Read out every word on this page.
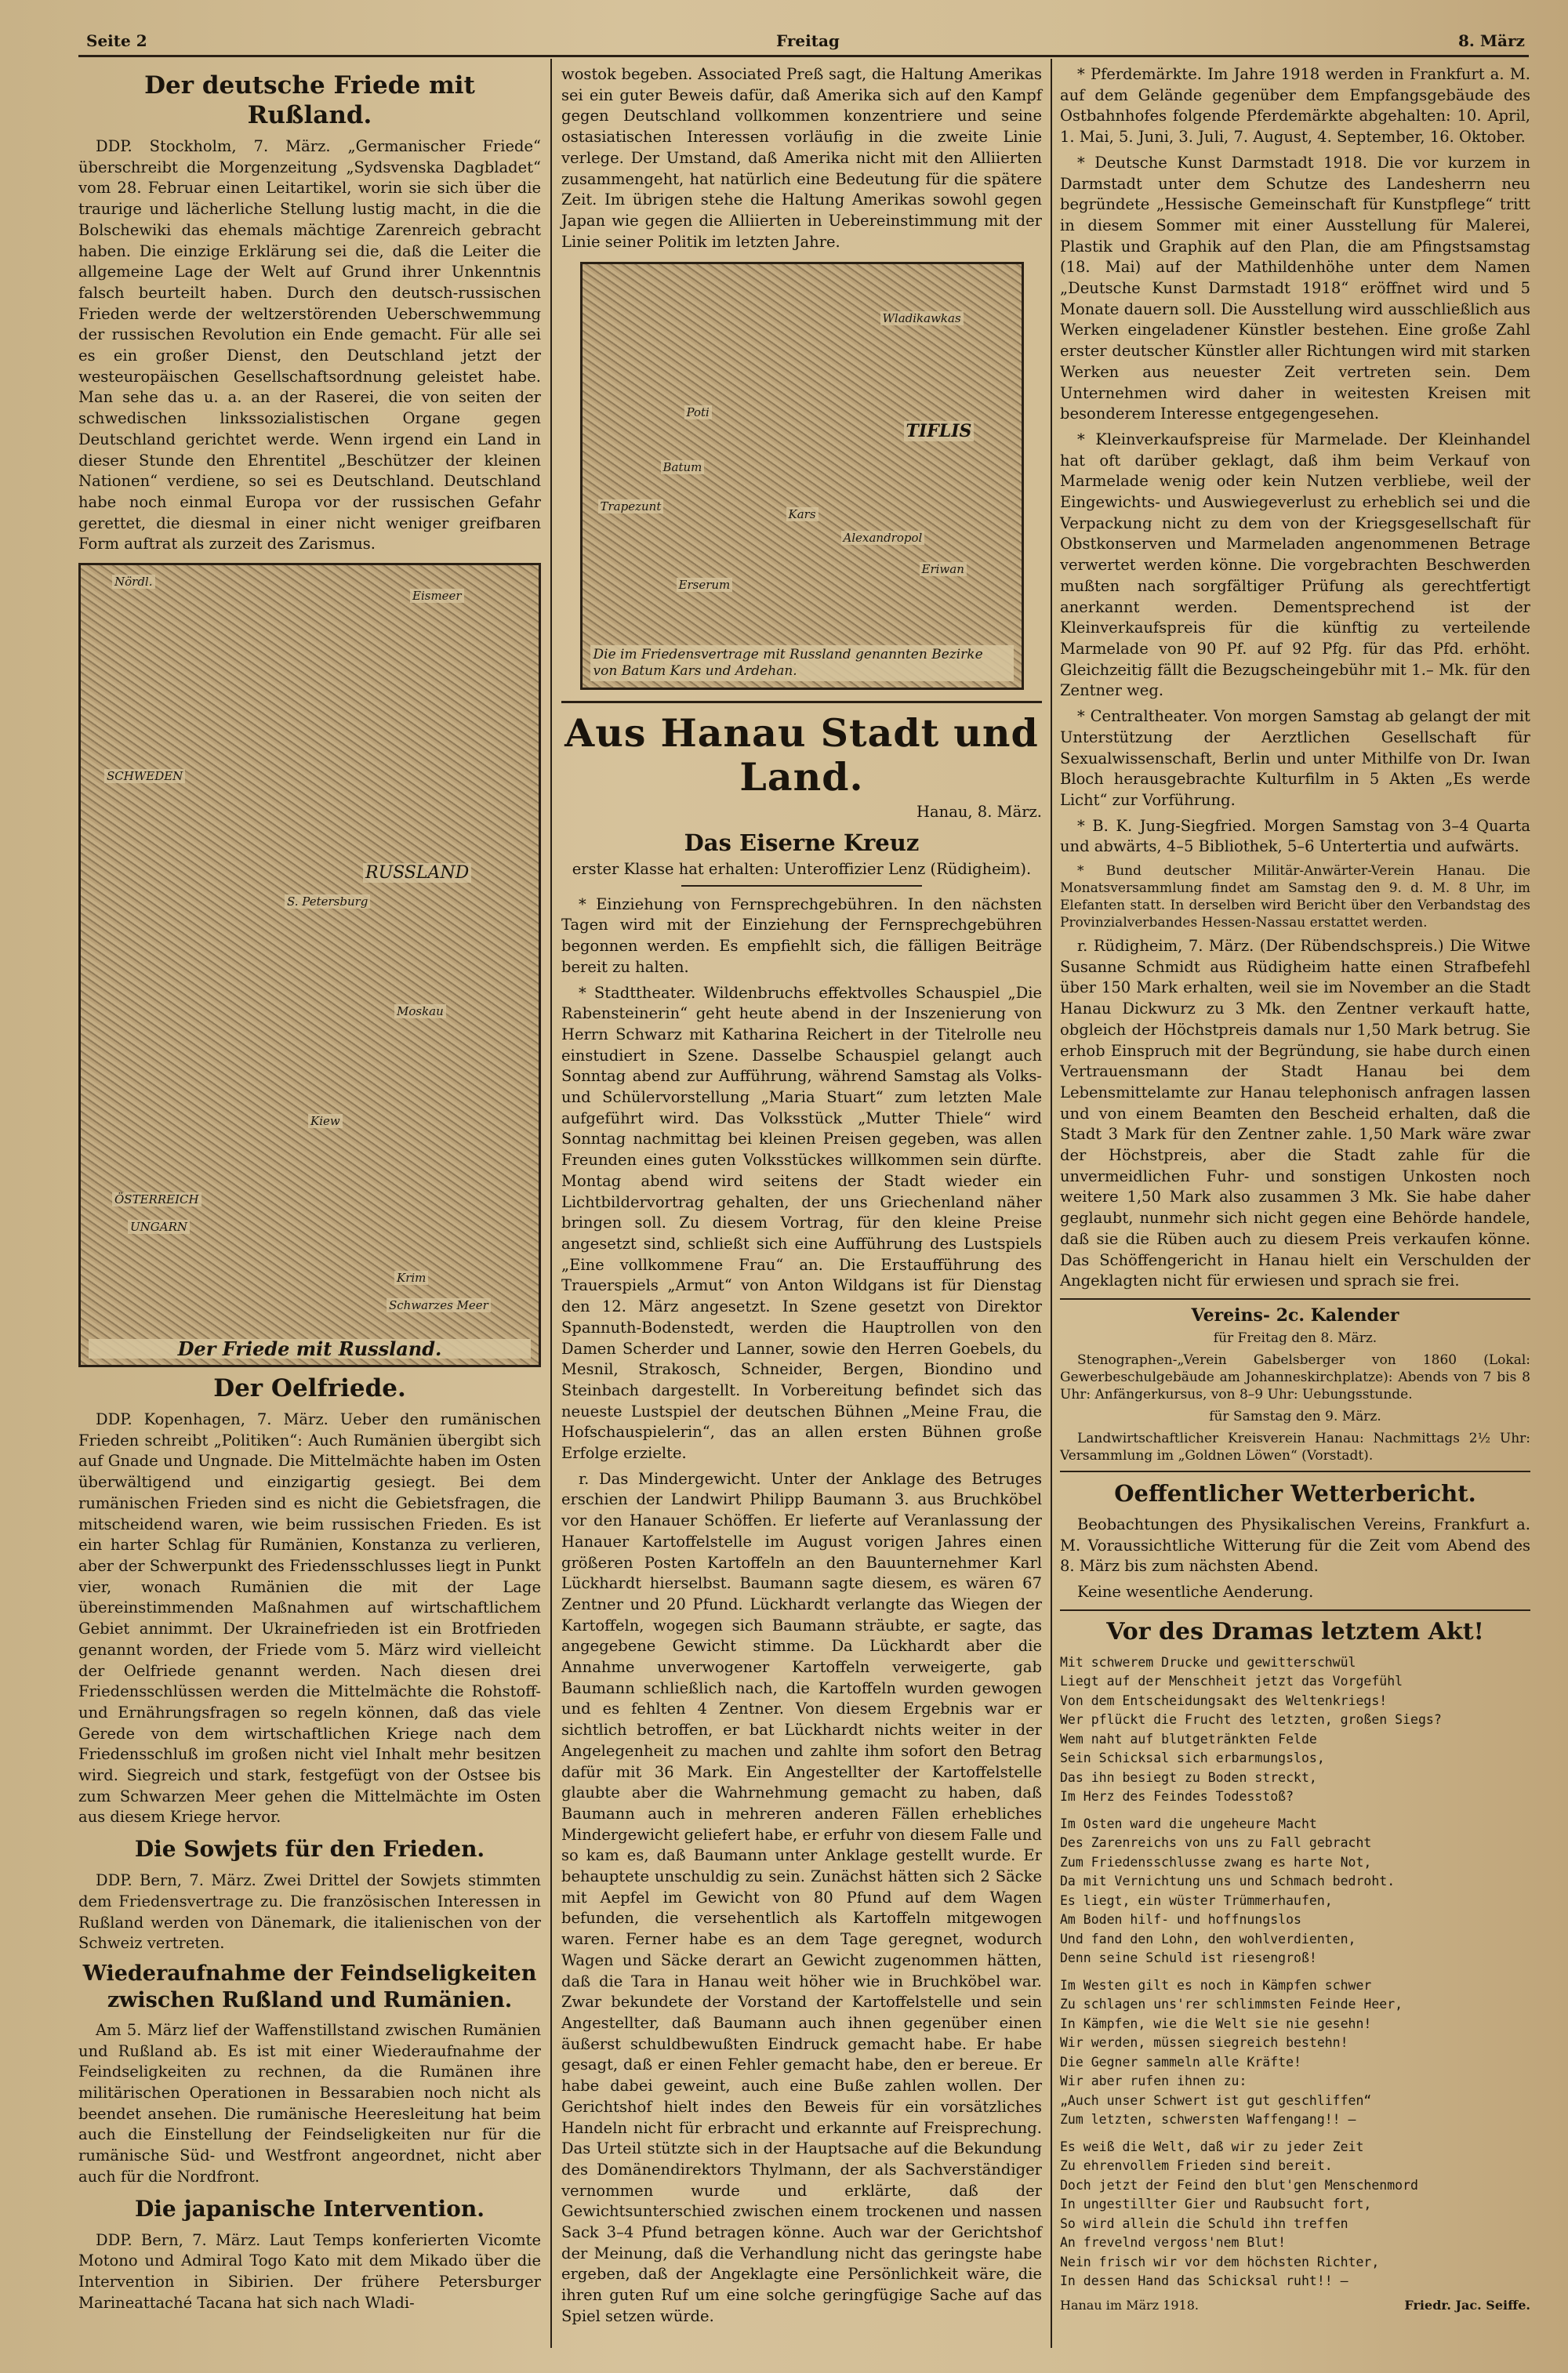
Seite 2	Freitag	8. März
Der deutsche Friede mit Rußland.

DDP. Stockholm, 7. März. „Germanischer Friede“ überschreibt die Morgenzeitung „Sydsvenska Dagbladet“ vom 28. Februar einen Leitartikel, worin sie sich über die traurige und lächerliche Stellung lustig macht, in die die Bolschewiki das ehemals mächtige Zarenreich gebracht haben. Die einzige Erklärung sei die, daß die Leiter die allgemeine Lage der Welt auf Grund ihrer Unkenntnis falsch beurteilt haben. Durch den deutsch-russischen Frieden werde der weltzerstörenden Ueberschwemmung der russischen Revolution ein Ende gemacht. Für alle sei es ein großer Dienst, den Deutschland jetzt der westeuropäischen Gesellschaftsordnung geleistet habe. Man sehe das u. a. an der Raserei, die von seiten der schwedischen linkssozialistischen Organe gegen Deutschland gerichtet werde. Wenn irgend ein Land in dieser Stunde den Ehrentitel „Beschützer der kleinen Nationen“ verdiene, so sei es Deutschland. Deutschland habe noch einmal Europa vor der russischen Gefahr gerettet, die diesmal in einer nicht weniger greifbaren Form auftrat als zurzeit des Zarismus.

Nördl.
Eismeer
SCHWEDEN
S. Petersburg
Moskau
RUSSLAND
Kiew
ÖSTERREICH
UNGARN
Krim
Schwarzes Meer
Der Friede mit Russland.
Der Oelfriede.

DDP. Kopenhagen, 7. März. Ueber den rumänischen Frieden schreibt „Politiken“: Auch Rumänien übergibt sich auf Gnade und Ungnade. Die Mittelmächte haben im Osten überwältigend und einzigartig gesiegt. Bei dem rumänischen Frieden sind es nicht die Gebietsfragen, die mitscheidend waren, wie beim russischen Frieden. Es ist ein harter Schlag für Rumänien, Konstanza zu verlieren, aber der Schwerpunkt des Friedensschlusses liegt in Punkt vier, wonach Rumänien die mit der Lage übereinstimmenden Maßnahmen auf wirtschaftlichem Gebiet annimmt. Der Ukrainefrieden ist ein Brotfrieden genannt worden, der Friede vom 5. März wird vielleicht der Oelfriede genannt werden. Nach diesen drei Friedensschlüssen werden die Mittelmächte die Rohstoff- und Ernährungsfragen so regeln können, daß das viele Gerede von dem wirtschaftlichen Kriege nach dem Friedensschluß im großen nicht viel Inhalt mehr besitzen wird. Siegreich und stark, festgefügt von der Ostsee bis zum Schwarzen Meer gehen die Mittelmächte im Osten aus diesem Kriege hervor.

Die Sowjets für den Frieden.

DDP. Bern, 7. März. Zwei Drittel der Sowjets stimmten dem Friedensvertrage zu. Die französischen Interessen in Rußland werden von Dänemark, die italienischen von der Schweiz vertreten.

Wiederaufnahme der Feindseligkeiten zwischen Rußland und Rumänien.

Am 5. März lief der Waffenstillstand zwischen Rumänien und Rußland ab. Es ist mit einer Wiederaufnahme der Feindseligkeiten zu rechnen, da die Rumänen ihre militärischen Operationen in Bessarabien noch nicht als beendet ansehen. Die rumänische Heeresleitung hat beim auch die Einstellung der Feindseligkeiten nur für die rumänische Süd- und Westfront angeordnet, nicht aber auch für die Nordfront.

Die japanische Intervention.

DDP. Bern, 7. März. Laut Temps konferierten Vicomte Motono und Admiral Togo Kato mit dem Mikado über die Intervention in Sibirien. Der frühere Petersburger Marineattaché Tacana hat sich nach Wladi-

wostok begeben. Associated Preß sagt, die Haltung Amerikas sei ein guter Beweis dafür, daß Amerika sich auf den Kampf gegen Deutschland vollkommen konzentriere und seine ostasiatischen Interessen vorläufig in die zweite Linie verlege. Der Umstand, daß Amerika nicht mit den Alliierten zusammengeht, hat natürlich eine Bedeutung für die spätere Zeit. Im übrigen stehe die Haltung Amerikas sowohl gegen Japan wie gegen die Alliierten in Uebereinstimmung mit der Linie seiner Politik im letzten Jahre.

Wladikawkas
TIFLIS
Batum
Kars
Alexandropol
Trapezunt
Eriwan
Erserum
Poti
Die im Friedensvertrage mit Russland genannten Bezirke von Batum Kars und Ardehan.
Aus Hanau Stadt und Land.

Hanau, 8. März.

Das Eiserne Kreuz

erster Klasse hat erhalten: Unteroffizier Lenz (Rüdigheim).

* Einziehung von Fernsprechgebühren. In den nächsten Tagen wird mit der Einziehung der Fernsprechgebühren begonnen werden. Es empfiehlt sich, die fälligen Beiträge bereit zu halten.

* Stadttheater. Wildenbruchs effektvolles Schauspiel „Die Rabensteinerin“ geht heute abend in der Inszenierung von Herrn Schwarz mit Katharina Reichert in der Titelrolle neu einstudiert in Szene. Dasselbe Schauspiel gelangt auch Sonntag abend zur Aufführung, während Samstag als Volks- und Schülervorstellung „Maria Stuart“ zum letzten Male aufgeführt wird. Das Volksstück „Mutter Thiele“ wird Sonntag nachmittag bei kleinen Preisen gegeben, was allen Freunden eines guten Volksstückes willkommen sein dürfte. Montag abend wird seitens der Stadt wieder ein Lichtbildervortrag gehalten, der uns Griechenland näher bringen soll. Zu diesem Vortrag, für den kleine Preise angesetzt sind, schließt sich eine Aufführung des Lustspiels „Eine vollkommene Frau“ an. Die Erstaufführung des Trauerspiels „Armut“ von Anton Wildgans ist für Dienstag den 12. März angesetzt. In Szene gesetzt von Direktor Spannuth-Bodenstedt, werden die Hauptrollen von den Damen Scherder und Lanner, sowie den Herren Goebels, du Mesnil, Strakosch, Schneider, Bergen, Biondino und Steinbach dargestellt. In Vorbereitung befindet sich das neueste Lustspiel der deutschen Bühnen „Meine Frau, die Hofschauspielerin“, das an allen ersten Bühnen große Erfolge erzielte.

r. Das Mindergewicht. Unter der Anklage des Betruges erschien der Landwirt Philipp Baumann 3. aus Bruchköbel vor den Hanauer Schöffen. Er lieferte auf Veranlassung der Hanauer Kartoffelstelle im August vorigen Jahres einen größeren Posten Kartoffeln an den Bauunternehmer Karl Lückhardt hierselbst. Baumann sagte diesem, es wären 67 Zentner und 20 Pfund. Lückhardt verlangte das Wiegen der Kartoffeln, wogegen sich Baumann sträubte, er sagte, das angegebene Gewicht stimme. Da Lückhardt aber die Annahme unverwogener Kartoffeln verweigerte, gab Baumann schließlich nach, die Kartoffeln wurden gewogen und es fehlten 4 Zentner. Von diesem Ergebnis war er sichtlich betroffen, er bat Lückhardt nichts weiter in der Angelegenheit zu machen und zahlte ihm sofort den Betrag dafür mit 36 Mark. Ein Angestellter der Kartoffelstelle glaubte aber die Wahrnehmung gemacht zu haben, daß Baumann auch in mehreren anderen Fällen erhebliches Mindergewicht geliefert habe, er erfuhr von diesem Falle und so kam es, daß Baumann unter Anklage gestellt wurde. Er behauptete unschuldig zu sein. Zunächst hätten sich 2 Säcke mit Aepfel im Gewicht von 80 Pfund auf dem Wagen befunden, die versehentlich als Kartoffeln mitgewogen waren. Ferner habe es an dem Tage geregnet, wodurch Wagen und Säcke derart an Gewicht zugenommen hätten, daß die Tara in Hanau weit höher wie in Bruchköbel war. Zwar bekundete der Vorstand der Kartoffelstelle und sein Angestellter, daß Baumann auch ihnen gegenüber einen äußerst schuldbewußten Eindruck gemacht habe. Er habe gesagt, daß er einen Fehler gemacht habe, den er bereue. Er habe dabei geweint, auch eine Buße zahlen wollen. Der Gerichtshof hielt indes den Beweis für ein vorsätzliches Handeln nicht für erbracht und erkannte auf Freisprechung. Das Urteil stützte sich in der Hauptsache auf die Bekundung des Domänendirektors Thylmann, der als Sachverständiger vernommen wurde und erklärte, daß der Gewichtsunterschied zwischen einem trockenen und nassen Sack 3–4 Pfund betragen könne. Auch war der Gerichtshof der Meinung, daß die Verhandlung nicht das geringste habe ergeben, daß der Angeklagte eine Persönlichkeit wäre, die ihren guten Ruf um eine solche geringfügige Sache auf das Spiel setzen würde.

* Pferdemärkte. Im Jahre 1918 werden in Frankfurt a. M. auf dem Gelände gegenüber dem Empfangsgebäude des Ostbahnhofes folgende Pferdemärkte abgehalten: 10. April, 1. Mai, 5. Juni, 3. Juli, 7. August, 4. September, 16. Oktober.

* Deutsche Kunst Darmstadt 1918. Die vor kurzem in Darmstadt unter dem Schutze des Landesherrn neu begründete „Hessische Gemeinschaft für Kunstpflege“ tritt in diesem Sommer mit einer Ausstellung für Malerei, Plastik und Graphik auf den Plan, die am Pfingstsamstag (18. Mai) auf der Mathildenhöhe unter dem Namen „Deutsche Kunst Darmstadt 1918“ eröffnet wird und 5 Monate dauern soll. Die Ausstellung wird ausschließlich aus Werken eingeladener Künstler bestehen. Eine große Zahl erster deutscher Künstler aller Richtungen wird mit starken Werken aus neuester Zeit vertreten sein. Dem Unternehmen wird daher in weitesten Kreisen mit besonderem Interesse entgegengesehen.

* Kleinverkaufspreise für Marmelade. Der Kleinhandel hat oft darüber geklagt, daß ihm beim Verkauf von Marmelade wenig oder kein Nutzen verbliebe, weil der Eingewichts- und Auswiegeverlust zu erheblich sei und die Verpackung nicht zu dem von der Kriegsgesellschaft für Obstkonserven und Marmeladen angenommenen Betrage verwertet werden könne. Die vorgebrachten Beschwerden mußten nach sorgfältiger Prüfung als gerechtfertigt anerkannt werden. Dementsprechend ist der Kleinverkaufspreis für die künftig zu verteilende Marmelade von 90 Pf. auf 92 Pfg. für das Pfd. erhöht. Gleichzeitig fällt die Bezugscheingebühr mit 1.– Mk. für den Zentner weg.

* Centraltheater. Von morgen Samstag ab gelangt der mit Unterstützung der Aerztlichen Gesellschaft für Sexualwissenschaft, Berlin und unter Mithilfe von Dr. Iwan Bloch herausgebrachte Kulturfilm in 5 Akten „Es werde Licht“ zur Vorführung.

* B. K. Jung-Siegfried. Morgen Samstag von 3–4 Quarta und abwärts, 4–5 Bibliothek, 5–6 Untertertia und aufwärts.

* Bund deutscher Militär-Anwärter-Verein Hanau. Die Monatsversammlung findet am Samstag den 9. d. M. 8 Uhr, im Elefanten statt. In derselben wird Bericht über den Verbandstag des Provinzialverbandes Hessen-Nassau erstattet werden.

r. Rüdigheim, 7. März. (Der Rübendschspreis.) Die Witwe Susanne Schmidt aus Rüdigheim hatte einen Strafbefehl über 150 Mark erhalten, weil sie im November an die Stadt Hanau Dickwurz zu 3 Mk. den Zentner verkauft hatte, obgleich der Höchstpreis damals nur 1,50 Mark betrug. Sie erhob Einspruch mit der Begründung, sie habe durch einen Vertrauensmann der Stadt Hanau bei dem Lebensmittelamte zur Hanau telephonisch anfragen lassen und von einem Beamten den Bescheid erhalten, daß die Stadt 3 Mark für den Zentner zahle. 1,50 Mark wäre zwar der Höchstpreis, aber die Stadt zahle für die unvermeidlichen Fuhr- und sonstigen Unkosten noch weitere 1,50 Mark also zusammen 3 Mk. Sie habe daher geglaubt, nunmehr sich nicht gegen eine Behörde handele, daß sie die Rüben auch zu diesem Preis verkaufen könne. Das Schöffengericht in Hanau hielt ein Verschulden der Angeklagten nicht für erwiesen und sprach sie frei.

Vereins- 2c. Kalender

für Freitag den 8. März.

Stenographen-„Verein Gabelsberger von 1860 (Lokal: Gewerbeschulgebäude am Johanneskirchplatze): Abends von 7 bis 8 Uhr: Anfängerkursus, von 8–9 Uhr: Uebungsstunde.

für Samstag den 9. März.

Landwirtschaftlicher Kreisverein Hanau: Nachmittags 2½ Uhr: Versammlung im „Goldnen Löwen“ (Vorstadt).

Oeffentlicher Wetterbericht.

Beobachtungen des Physikalischen Vereins, Frankfurt a. M. Voraussichtliche Witterung für die Zeit vom Abend des 8. März bis zum nächsten Abend.

Keine wesentliche Aenderung.

Vor des Dramas letztem Akt!

Mit schwerem Drucke und gewitterschwül

Liegt auf der Menschheit jetzt das Vorgefühl

Von dem Entscheidungsakt des Weltenkriegs!

Wer pflückt die Frucht des letzten, großen Siegs?

Wem naht auf blutgetränkten Felde

Sein Schicksal sich erbarmungslos,

Das ihn besiegt zu Boden streckt,

Im Herz des Feindes Todesstoß?

Im Osten ward die ungeheure Macht

Des Zarenreichs von uns zu Fall gebracht

Zum Friedensschlusse zwang es harte Not,

Da mit Vernichtung uns und Schmach bedroht.

Es liegt, ein wüster Trümmerhaufen,

Am Boden hilf- und hoffnungslos

Und fand den Lohn, den wohlverdienten,

Denn seine Schuld ist riesengroß!

Im Westen gilt es noch in Kämpfen schwer

Zu schlagen uns'rer schlimmsten Feinde Heer,

In Kämpfen, wie die Welt sie nie gesehn!

Wir werden, müssen siegreich bestehn!

Die Gegner sammeln alle Kräfte!

Wir aber rufen ihnen zu:

„Auch unser Schwert ist gut geschliffen“

Zum letzten, schwersten Waffengang!! –

Es weiß die Welt, daß wir zu jeder Zeit

Zu ehrenvollem Frieden sind bereit.

Doch jetzt der Feind den blut'gen Menschenmord

In ungestillter Gier und Raubsucht fort,

So wird allein die Schuld ihn treffen

An frevelnd vergoss'nem Blut!

Nein frisch wir vor dem höchsten Richter,

In dessen Hand das Schicksal ruht!! –

Hanau im März 1918.	Friedr. Jac. Seiffe.
